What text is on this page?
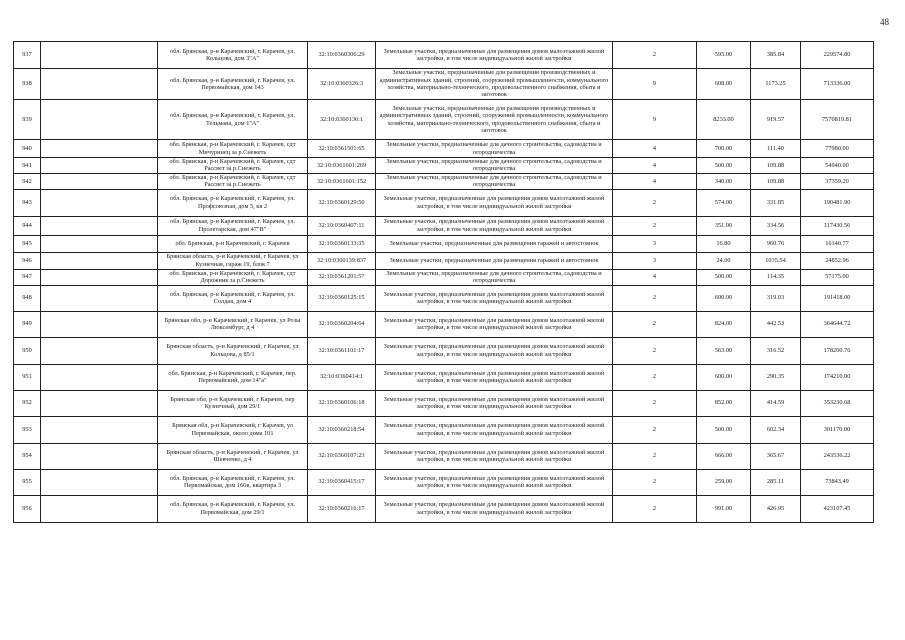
48
937		обл. Брянская, р-н Карачевский, г. Карачев, ул. Кольцова, дом 3"А"	32:10:0360306:29	Земельные участки, предназначенные для размещения домов малоэтажной жилой застройки, в том числе индивидуальной жилой застройки	2	595.00	385.84	229574.80
938		обл. Брянская, р-н Карачевский, г. Карачев, ул. Первомайская, дом 143	32:10:0360326:3	Земельные участки, предназначенные для размещения производственных и административных зданий, строений, сооружений промышленности, коммунального хозяйства, материально-технического, продовольственного снабжения, сбыта и заготовок	9	608.00	1173.25	713336.00
939		обл. Брянская, р-н Карачевский, г. Карачев, ул. Тельмана, дом 1"А"	32:10:0360136:1	Земельные участки, предназначенные для размещения производственных и административных зданий, строений, сооружений промышленности, коммунального хозяйства, материально-технического, продовольственного снабжения, сбыта и заготовок	9	8233.00	919.57	7570819.81
940		обл. Брянская, р-н Карачевский, г. Карачев, сдт Мичуринец за р.Снежеть	32:10:0361501:65	Земельные участки, предназначенные для дачного строительства, садоводства и огородничества	4	700.00	111.40	77980.00
941		обл. Брянская, р-н Карачевский, г. Карачев, сдт Рассвет за р.Снежеть	32:10:0361601:269	Земельные участки, предназначенные для дачного строительства, садоводства и огородничества	4	500.00	109.88	54940.00
942		обл. Брянская, р-н Карачевский, г. Карачев, сдт Рассвет за р.Снежеть	32:10:0361601:152	Земельные участки, предназначенные для дачного строительства, садоводства и огородничества	4	340.00	109.88	37359.20
943		обл. Брянская, р-н Карачевский, г. Карачев, ул. Профсоюзная, дом 5, кв 2	32:10:0360129:50	Земельные участки, предназначенные для размещения домов малоэтажной жилой застройки, в том числе индивидуальной жилой застройки	2	574.00	331.85	190481.90
944		обл. Брянская, р-н Карачевский, г. Карачев, ул. Пролетарская, дом 47"В"	32:10:0360407:11	Земельные участки, предназначенные для размещения домов малоэтажной жилой застройки, в том числе индивидуальной жилой застройки	2	351.00	334.56	117430.56
945		обл. Брянская, р-н Карачевский, г. Карачев	32:10:0360133:35	Земельные участки, предназначенные для размещения гаражей и автостоянок	3	16.80	960.76	16140.77
946		Брянская область, р-н Карачевский, г Карачев, ул Кузнечная, гараж 19, блок 7	32:10:0360139:837	Земельные участки, предназначенные для размещения гаражей и автостоянок	3	24.00	1035.54	24852.96
947		обл. Брянская, р-н Карачевский, г. Карачев, сдт Дорожник за р.Снежеть	32:10:0361201:57	Земельные участки, предназначенные для дачного строительства, садоводства и огородничества	4	500.00	114.35	57175.00
948		обл. Брянская, р-н Карачевский, г. Карачев, ул. Солдая, дом 4	32:10:0360125:15	Земельные участки, предназначенные для размещения домов малоэтажной жилой застройки, в том числе индивидуальной жилой застройки	2	600.00	319.03	191418.00
949		Брянская обл, р-н Карачевский, г Карачев, ул Розы Люксембург, д 4	32:10:0360204:64	Земельные участки, предназначенные для размещения домов малоэтажной жилой застройки, в том числе индивидуальной жилой застройки	2	824.00	442.53	364644.72
950		Брянская область, р-н Карачевский, г Карачев, ул Кольцова, д 85/1	32:10:0361101:17	Земельные участки, предназначенные для размещения домов малоэтажной жилой застройки, в том числе индивидуальной жилой застройки	2	563.00	316.52	178200.76
951		обл. Брянская, р-н Карачевский, г. Карачев, пер. Первомайский, дом 14"а"	32:10:0360414:1	Земельные участки, предназначенные для размещения домов малоэтажной жилой застройки, в том числе индивидуальной жилой застройки	2	600.00	290.35	174210.00
952		Брянская обл, р-н Карачевский, г Карачев, пер Кузнечный, дом 29/1	32:10:0360106:18	Земельные участки, предназначенные для размещения домов малоэтажной жилой застройки, в том числе индивидуальной жилой застройки	2	852.00	414.59	353230.68
953		Брянская обл, р-н Карачевский, г Карачев, ул Первомайская, около дома 101	32:10:0360218:54	Земельные участки, предназначенные для размещения домов малоэтажной жилой застройки, в том числе индивидуальной жилой застройки	2	500.00	602.34	301170.00
954		Брянская область, р-н Карачевский, г Карачев, ул Шевченко, д 4	32:10:0360107:23	Земельные участки, предназначенные для размещения домов малоэтажной жилой застройки, в том числе индивидуальной жилой застройки	2	666.00	365.67	243536.22
955		обл. Брянская, р-н Карачевский, г. Карачев, ул. Первомайская, дом 166в, квартира 3	32:10:0360415:17	Земельные участки, предназначенные для размещения домов малоэтажной жилой застройки, в том числе индивидуальной жилой застройки	2	259.00	285.11	73843.49
956		обл. Брянская, р-н Карачевский, г. Карачев, ул. Первомайская, дом 29/1	32:10:0360216:17	Земельные участки, предназначенные для размещения домов малоэтажной жилой застройки, в том числе индивидуальной жилой застройки	2	991.00	426.95	423107.45
